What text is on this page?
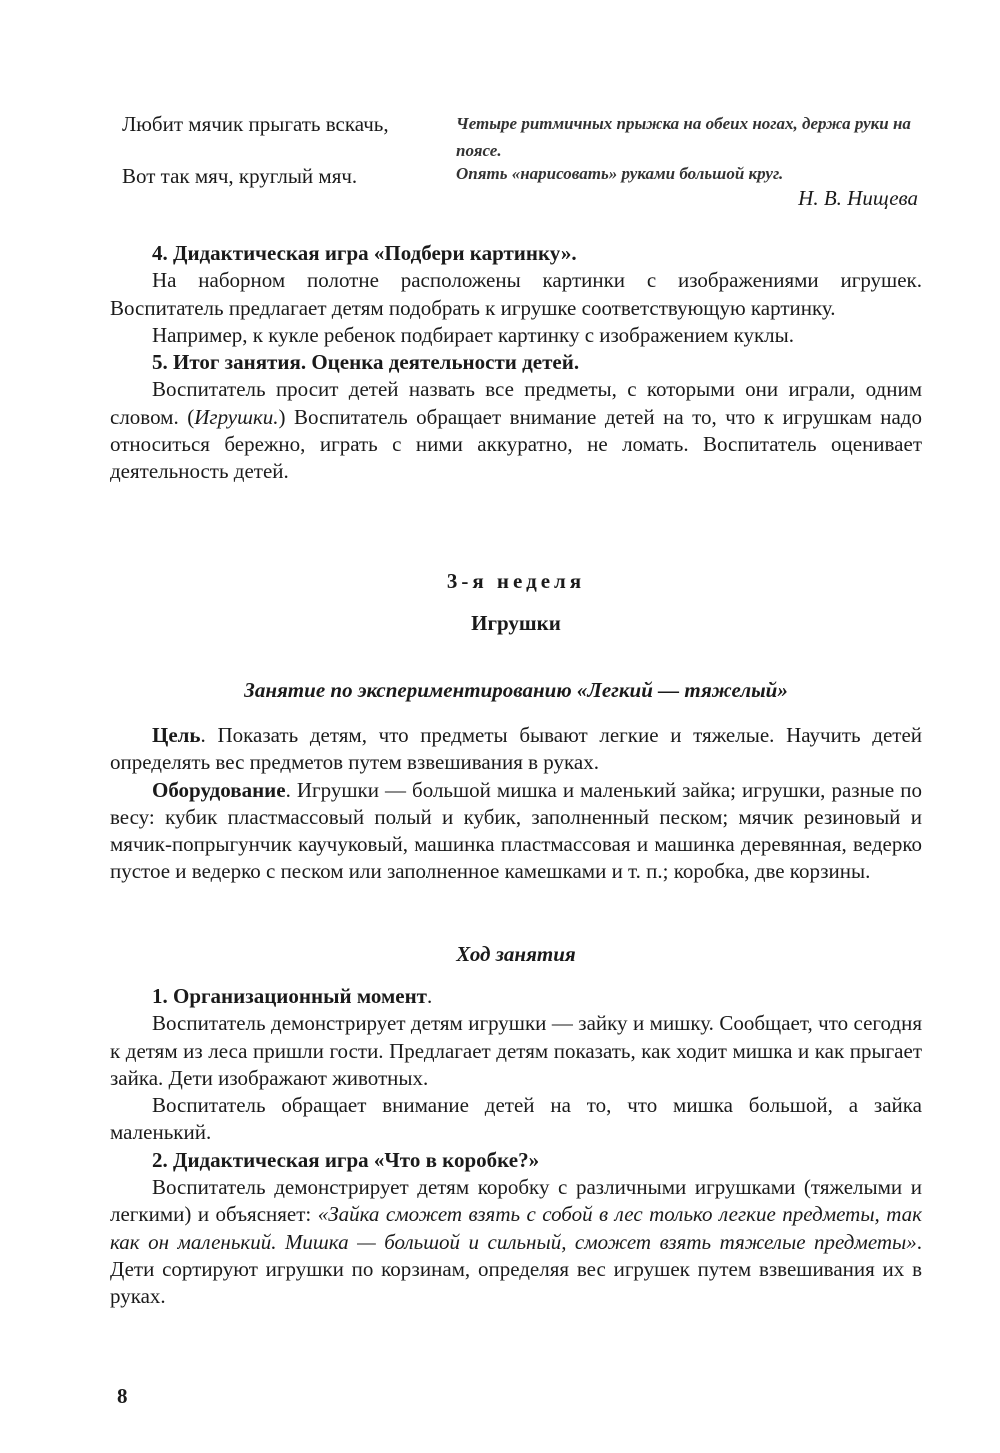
Любит мячик прыгать вскачь,	Четыре ритмичных прыжка на обеих ногах, держа руки на поясе.
Вот так мяч, круглый мяч.	Опять «нарисовать» руками большой круг.
Н. В. Нищева

4. Дидактическая игра «Подбери картинку».

На наборном полотне расположены картинки с изображениями игрушек. Воспитатель предлагает детям подобрать к игрушке соответствующую картинку.

Например, к кукле ребенок подбирает картинку с изображением куклы.

5. Итог занятия. Оценка деятельности детей.

Воспитатель просит детей назвать все предметы, с которыми они играли, одним словом. (Игрушки.) Воспитатель обращает внимание детей на то, что к игрушкам надо относиться бережно, играть с ними аккуратно, не ломать. Воспитатель оценивает деятельность детей.

3-я неделя

Игрушки

Занятие по экспериментированию «Легкий — тяжелый»

Цель. Показать детям, что предметы бывают легкие и тяжелые. Научить детей определять вес предметов путем взвешивания в руках.

Оборудование. Игрушки — большой мишка и маленький зайка; игрушки, разные по весу: кубик пластмассовый полый и кубик, заполненный песком; мячик резиновый и мячик-попрыгунчик каучуковый, машинка пластмассовая и машинка деревянная, ведерко пустое и ведерко с песком или заполненное камешками и т. п.; коробка, две корзины.

Ход занятия

1. Организационный момент.

Воспитатель демонстрирует детям игрушки — зайку и мишку. Сообщает, что сегодня к детям из леса пришли гости. Предлагает детям показать, как ходит мишка и как прыгает зайка. Дети изображают животных.

Воспитатель обращает внимание детей на то, что мишка большой, а зайка маленький.

2. Дидактическая игра «Что в коробке?»

Воспитатель демонстрирует детям коробку с различными игрушками (тяжелыми и легкими) и объясняет: «Зайка сможет взять с собой в лес только легкие предметы, так как он маленький. Мишка — большой и сильный, сможет взять тяжелые предметы». Дети сортируют игрушки по корзинам, определяя вес игрушек путем взвешивания их в руках.

8
